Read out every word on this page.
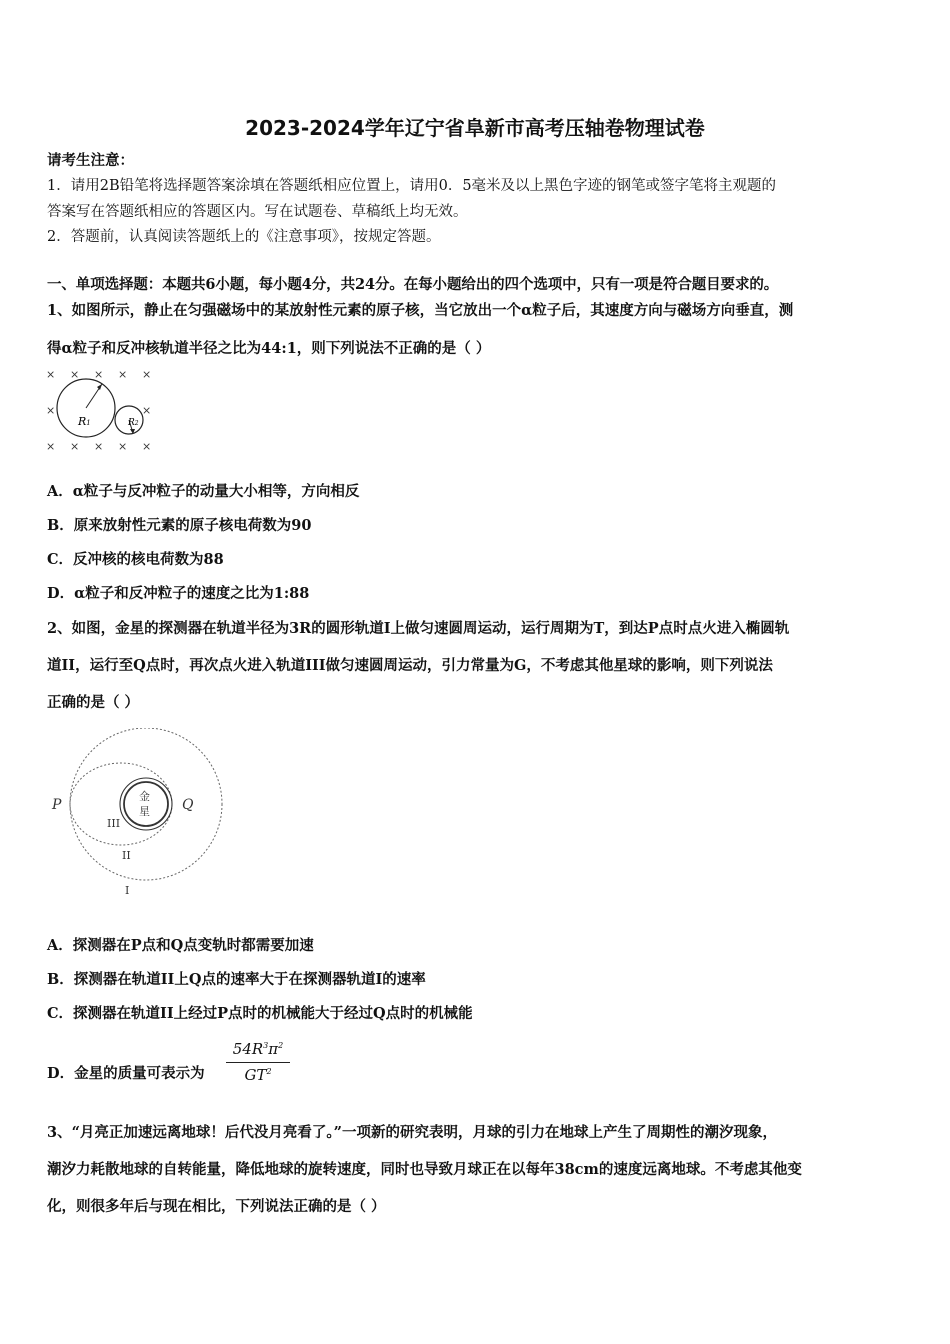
2023-2024学年辽宁省阜新市高考压轴卷物理试卷
请考生注意：
1．请用2B铅笔将选择题答案涂填在答题纸相应位置上，请用0．5毫米及以上黑色字迹的钢笔或签字笔将主观题的
答案写在答题纸相应的答题区内。写在试题卷、草稿纸上均无效。
2．答题前，认真阅读答题纸上的《注意事项》，按规定答题。
一、单项选择题：本题共6小题，每小题4分，共24分。在每小题给出的四个选项中，只有一项是符合题目要求的。
1、如图所示，静止在匀强磁场中的某放射性元素的原子核，当它放出一个α粒子后，其速度方向与磁场方向垂直，测
得α粒子和反冲核轨道半径之比为44:1，则下列说法不正确的是（ ）
× × × × ×
×	×
× × × × ×
R1	R2
A．α粒子与反冲粒子的动量大小相等，方向相反
B．原来放射性元素的原子核电荷数为90
C．反冲核的核电荷数为88
D．α粒子和反冲粒子的速度之比为1:88
2、如图，金星的探测器在轨道半径为3R的圆形轨道I上做匀速圆周运动，运行周期为T，到达P点时点火进入椭圆轨
道II，运行至Q点时，再次点火进入轨道III做匀速圆周运动，引力常量为G，不考虑其他星球的影响，则下列说法
正确的是（ ）
金
星
P	Q
III
II
I
A．探测器在P点和Q点变轨时都需要加速
B．探测器在轨道II上Q点的速率大于在探测器轨道I的速率
C．探测器在轨道II上经过P点时的机械能大于经过Q点时的机械能
D．金星的质量可表示为 $\frac{54R^3\pi^2}{GT^2}$
3、“月亮正加速远离地球！后代没月亮看了。”一项新的研究表明，月球的引力在地球上产生了周期性的潮汐现象，
潮汐力耗散地球的自转能量，降低地球的旋转速度，同时也导致月球正在以每年38cm的速度远离地球。不考虑其他变
化，则很多年后与现在相比，下列说法正确的是（ ）
